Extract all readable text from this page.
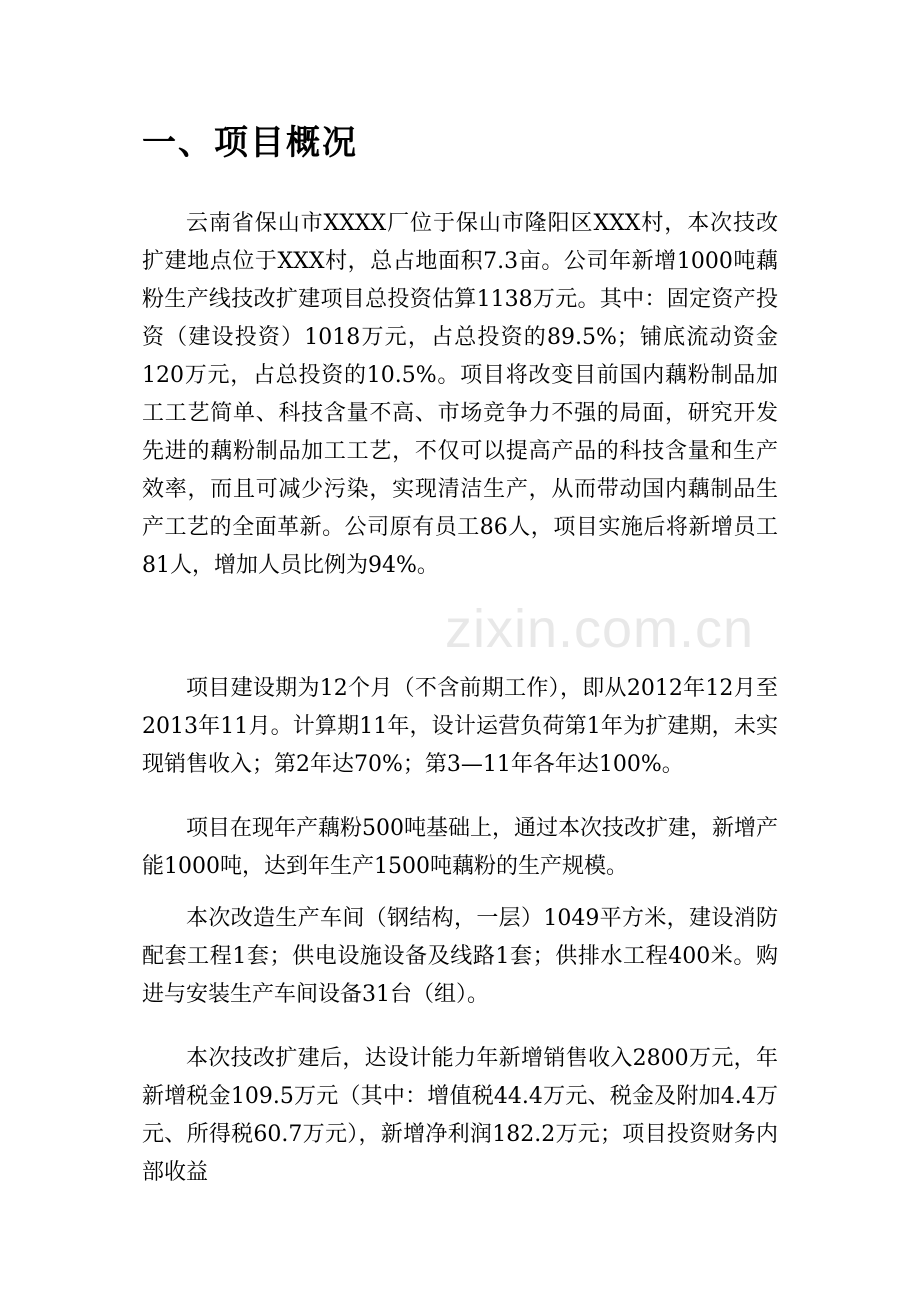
一、项目概况

云南省保山市XXXX厂位于保山市隆阳区XXX村，本次技改扩建地点位于XXX村，总占地面积7.3亩。公司年新增1000吨藕粉生产线技改扩建项目总投资估算1138万元。其中：固定资产投资（建设投资）1018万元，占总投资的89.5%；铺底流动资金120万元，占总投资的10.5%。项目将改变目前国内藕粉制品加工工艺简单、科技含量不高、市场竞争力不强的局面，研究开发先进的藕粉制品加工工艺，不仅可以提高产品的科技含量和生产效率，而且可减少污染，实现清洁生产，从而带动国内藕制品生产工艺的全面革新。公司原有员工86人，项目实施后将新增员工81人，增加人员比例为94%。

项目建设期为12个月（不含前期工作），即从2012年12月至2013年11月。计算期11年，设计运营负荷第1年为扩建期，未实现销售收入；第2年达70%；第3—11年各年达100%。

项目在现年产藕粉500吨基础上，通过本次技改扩建，新增产能1000吨，达到年生产1500吨藕粉的生产规模。

本次改造生产车间（钢结构，一层）1049平方米，建设消防配套工程1套；供电设施设备及线路1套；供排水工程400米。购进与安装生产车间设备31台（组）。

本次技改扩建后，达设计能力年新增销售收入2800万元，年新增税金109.5万元（其中：增值税44.4万元、税金及附加4.4万元、所得税60.7万元），新增净利润182.2万元；项目投资财务内部收益

zixin.com.cn
